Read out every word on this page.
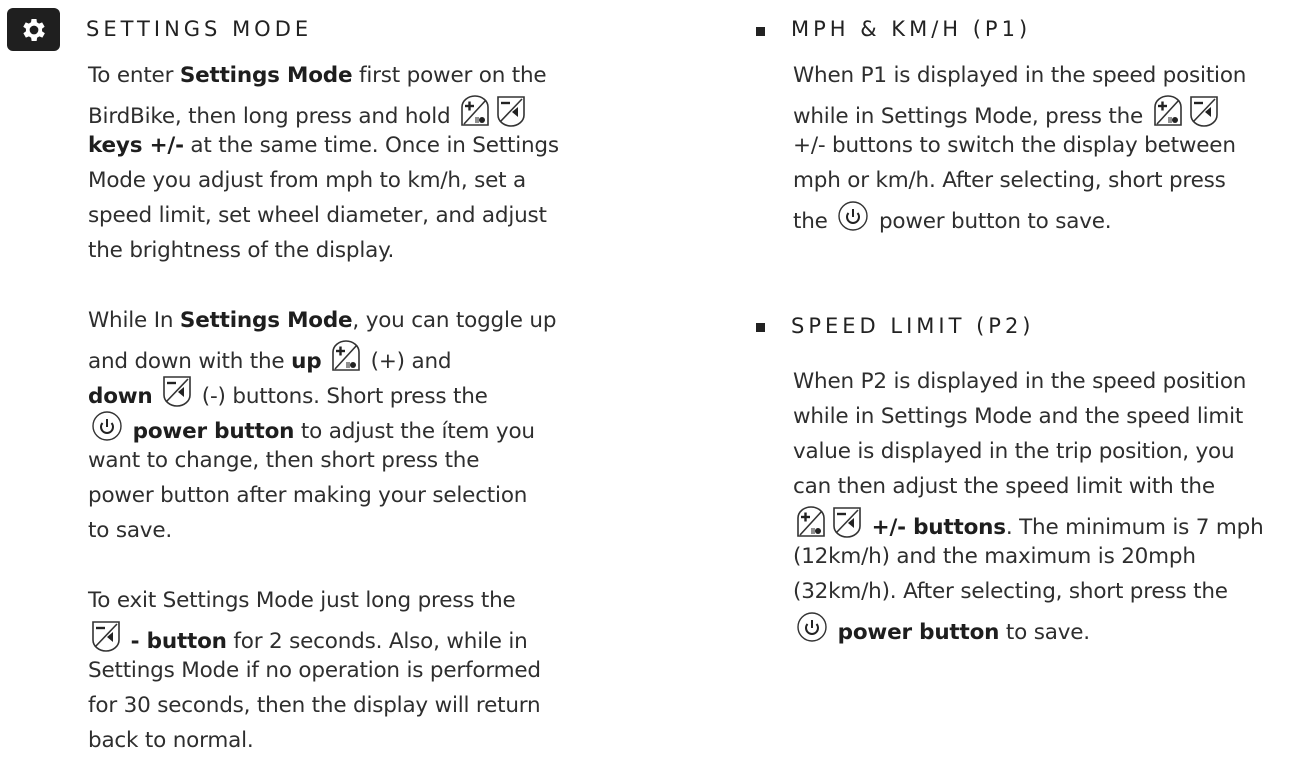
SETTINGS MODE	MPH & KM/H (P1)
SPEED LIMIT (P2)
To enter Settings Mode first power on the
BirdBike, then long press and hold
keys +/- at the same time. Once in Settings
Mode you adjust from mph to km/h, set a
speed limit, set wheel diameter, and adjust
the brightness of the display.
While In Settings Mode, you can toggle up
and down with the up  (+) and
down  (-) buttons. Short press the
power button to adjust the ítem you
want to change, then short press the
power button after making your selection
to save.
To exit Settings Mode just long press the
- button for 2 seconds. Also, while in
Settings Mode if no operation is performed
for 30 seconds, then the display will return
back to normal.
When P1 is displayed in the speed position
while in Settings Mode, press the
+/- buttons to switch the display between
mph or km/h. After selecting, short press
the  power button to save.
When P2 is displayed in the speed position
while in Settings Mode and the speed limit
value is displayed in the trip position, you
can then adjust the speed limit with the
+/- buttons. The minimum is 7 mph
(12km/h) and the maximum is 20mph
(32km/h). After selecting, short press the
power button to save.
